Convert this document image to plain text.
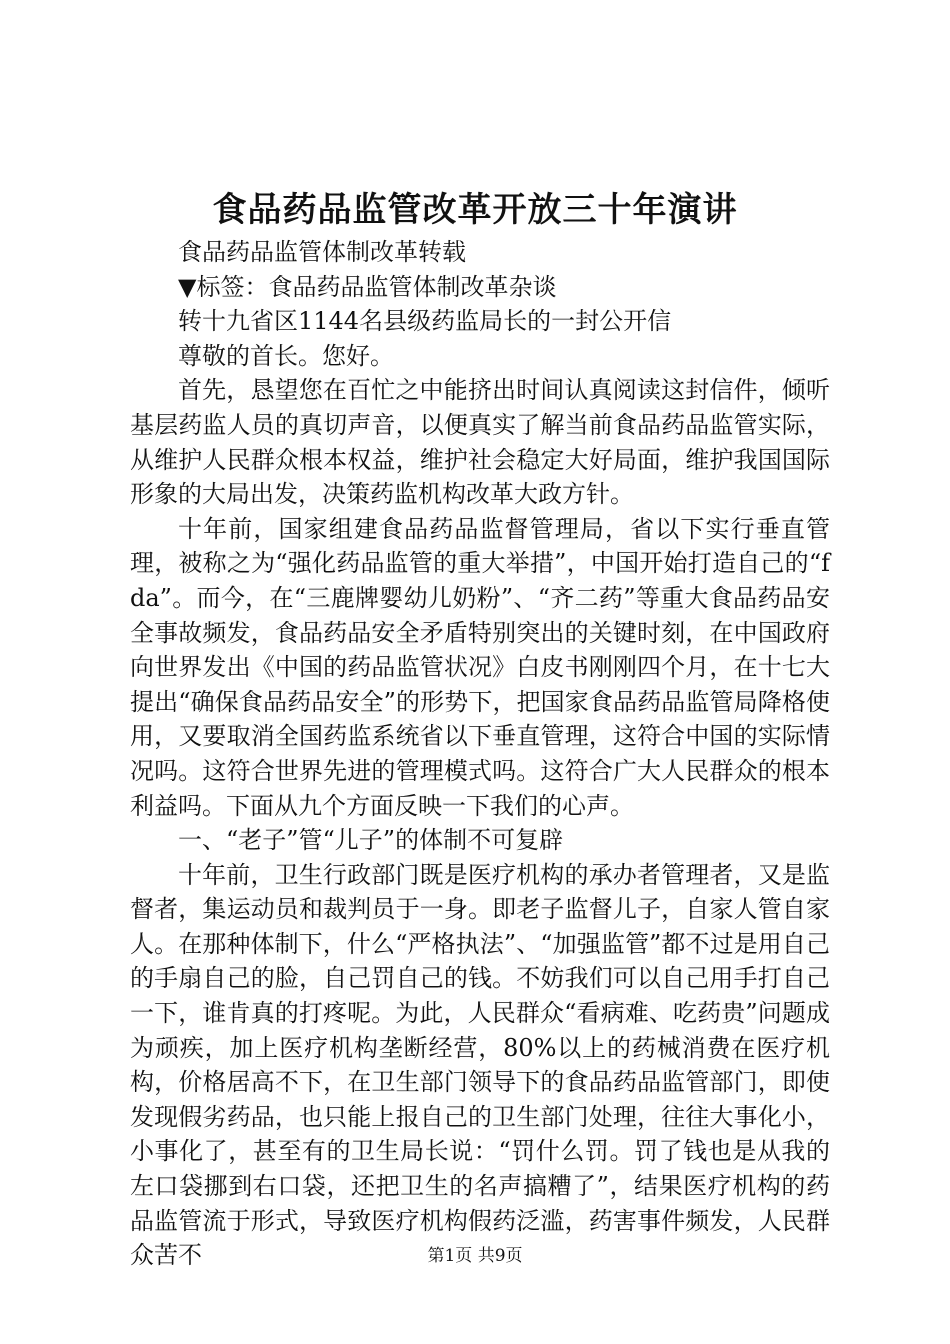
食品药品监管改革开放三十年演讲

食品药品监管体制改革转载

▼标签：食品药品监管体制改革杂谈

转十九省区1144名县级药监局长的一封公开信

尊敬的首长。您好。

首先，恳望您在百忙之中能挤出时间认真阅读这封信件，倾听基层药监人员的真切声音，以便真实了解当前食品药品监管实际，从维护人民群众根本权益，维护社会稳定大好局面，维护我国国际形象的大局出发，决策药监机构改革大政方针。

十年前，国家组建食品药品监督管理局，省以下实行垂直管理，被称之为“强化药品监管的重大举措”，中国开始打造自己的“fda”。而今，在“三鹿牌婴幼儿奶粉”、“齐二药”等重大食品药品安全事故频发，食品药品安全矛盾特别突出的关键时刻，在中国政府向世界发出《中国的药品监管状况》白皮书刚刚四个月，在十七大提出“确保食品药品安全”的形势下，把国家食品药品监管局降格使用，又要取消全国药监系统省以下垂直管理，这符合中国的实际情况吗。这符合世界先进的管理模式吗。这符合广大人民群众的根本利益吗。下面从九个方面反映一下我们的心声。

一、“老子”管“儿子”的体制不可复辟

十年前，卫生行政部门既是医疗机构的承办者管理者，又是监督者，集运动员和裁判员于一身。即老子监督儿子，自家人管自家人。在那种体制下，什么“严格执法”、“加强监管”都不过是用自己的手扇自己的脸，自己罚自己的钱。不妨我们可以自己用手打自己一下，谁肯真的打疼呢。为此，人民群众“看病难、吃药贵”问题成为顽疾，加上医疗机构垄断经营，80%以上的药械消费在医疗机构，价格居高不下，在卫生部门领导下的食品药品监管部门，即使发现假劣药品，也只能上报自己的卫生部门处理，往往大事化小，小事化了，甚至有的卫生局长说：“罚什么罚。罚了钱也是从我的左口袋挪到右口袋，还把卫生的名声搞糟了”，结果医疗机构的药品监管流于形式，导致医疗机构假药泛滥，药害事件频发，人民群众苦不	第1页 共9页
